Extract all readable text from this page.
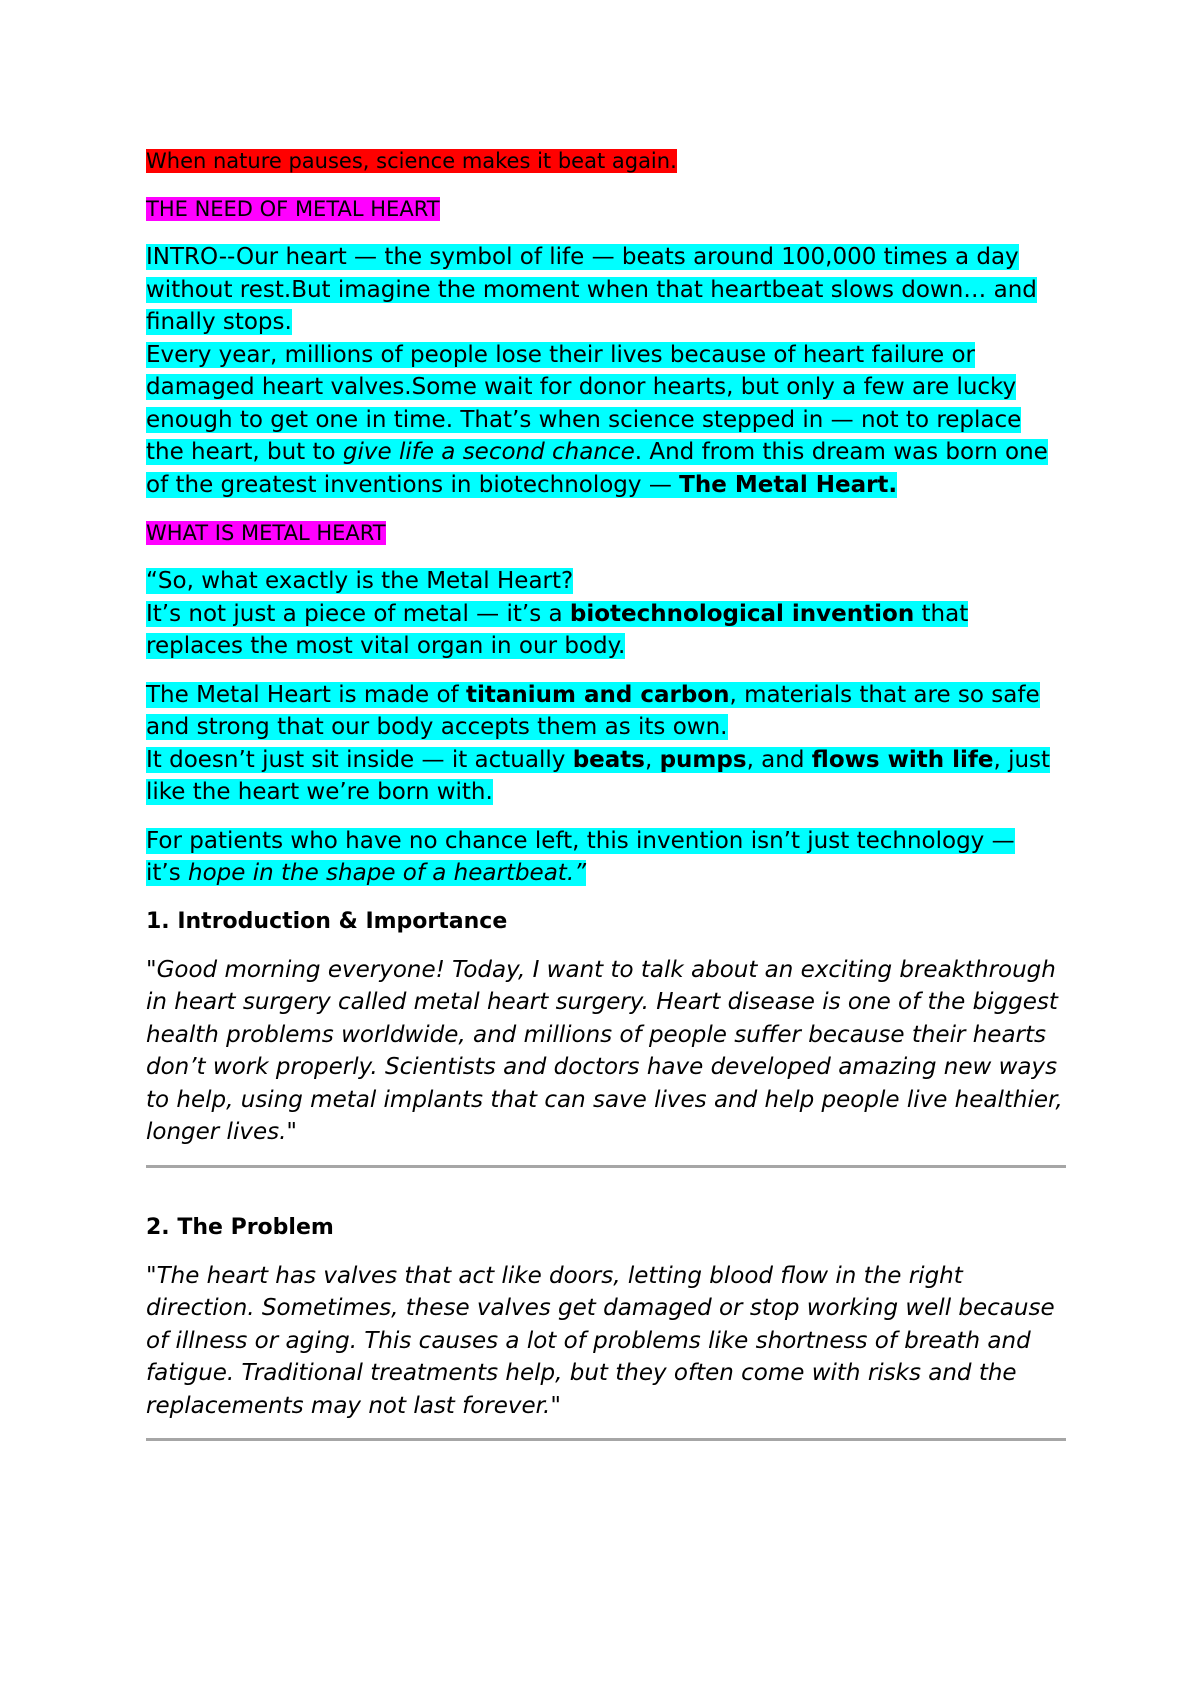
When nature pauses, science makes it beat again.

THE NEED OF METAL HEART

INTRO--Our heart — the symbol of life — beats around 100,000 times a day without rest.But imagine the moment when that heartbeat slows down… and finally stops.

Every year, millions of people lose their lives because of heart failure or damaged heart valves.Some wait for donor hearts, but only a few are lucky enough to get one in time. That’s when science stepped in — not to replace the heart, but to give life a second chance. And from this dream was born one of the greatest inventions in biotechnology — The Metal Heart.

WHAT IS METAL HEART

“So, what exactly is the Metal Heart?

It’s not just a piece of metal — it’s a biotechnological invention that replaces the most vital organ in our body.

The Metal Heart is made of titanium and carbon, materials that are so safe and strong that our body accepts them as its own.

It doesn’t just sit inside — it actually beats, pumps, and flows with life, just like the heart we’re born with.

For patients who have no chance left, this invention isn’t just technology —

it’s hope in the shape of a heartbeat.”

1. Introduction & Importance

"Good morning everyone! Today, I want to talk about an exciting breakthrough in heart surgery called metal heart surgery. Heart disease is one of the biggest health problems worldwide, and millions of people suffer because their hearts don’t work properly. Scientists and doctors have developed amazing new ways to help, using metal implants that can save lives and help people live healthier, longer lives."

2. The Problem

"The heart has valves that act like doors, letting blood flow in the right direction. Sometimes, these valves get damaged or stop working well because of illness or aging. This causes a lot of problems like shortness of breath and fatigue. Traditional treatments help, but they often come with risks and the replacements may not last forever."
